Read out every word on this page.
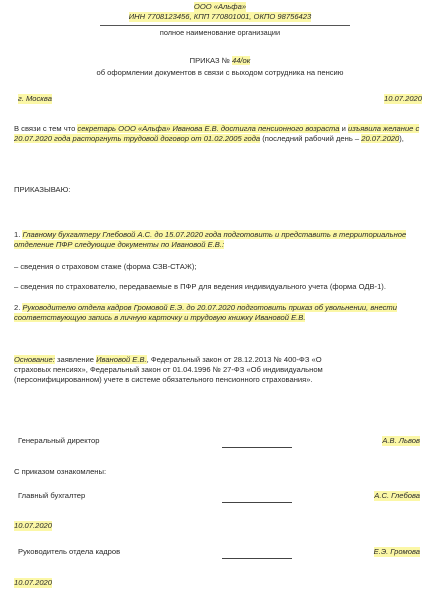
ООО «Альфа»
ИНН 7708123456, КПП 770801001, ОКПО 98756423
полное наименование организации
ПРИКАЗ № 44/ок
об оформлении документов в связи с выходом сотрудника на пенсию
г. Москва	10.07.2020
В связи с тем что секретарь ООО «Альфа» Иванова Е.В. достигла пенсионного возраста и изъявила желание с 20.07.2020 года расторгнуть трудовой договор от 01.02.2005 года (последний рабочий день – 20.07.2020),
ПРИКАЗЫВАЮ:
1. Главному бухгалтеру Глебовой А.С. до 15.07.2020 года подготовить и представить в территориальное отделение ПФР следующие документы по Ивановой Е.В.:
– сведения о страховом стаже (форма СЗВ-СТАЖ);
– сведения по страхователю, передаваемые в ПФР для ведения индивидуального учета (форма ОДВ-1).
2. Руководителю отдела кадров Громовой Е.Э. до 20.07.2020 подготовить приказ об увольнении, внести соответствующую запись в личную карточку и трудовую книжку Ивановой Е.В.
Основание: заявление Ивановой Е.В., Федеральный закон от 28.12.2013 № 400-ФЗ «О страховых пенсиях», Федеральный закон от 01.04.1996 № 27-ФЗ «Об индивидуальном (персонифицированном) учете в системе обязательного пенсионного страхования».
Генеральный директор	А.В. Львов
С приказом ознакомлены:
Главный бухгалтер	А.С. Глебова
10.07.2020
Руководитель отдела кадров	Е.Э. Громова
10.07.2020
